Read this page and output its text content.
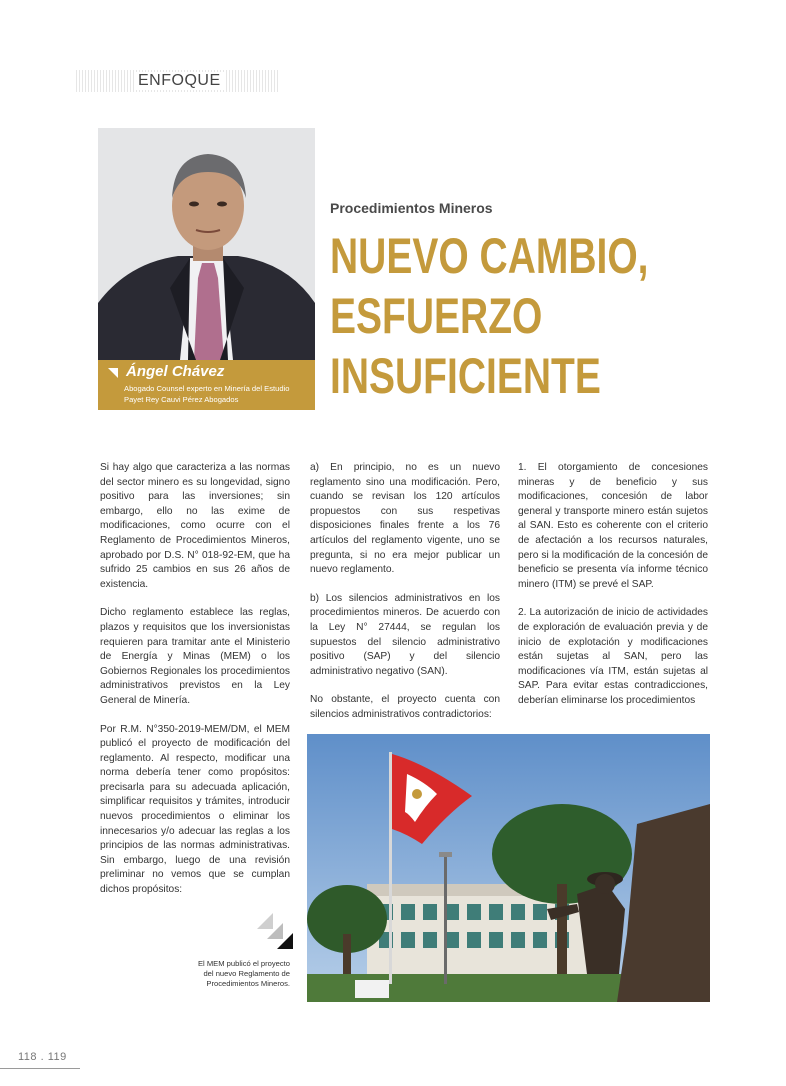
ENFOQUE
Ángel Chávez
Abogado Counsel experto en Minería del Estudio Payet Rey Cauvi Pérez Abogados
Procedimientos Mineros
NUEVO CAMBIO,
ESFUERZO
INSUFICIENTE

Si hay algo que caracteriza a las normas del sector minero es su longevidad, signo positivo para las inversiones; sin embargo, ello no las exime de modificaciones, como ocurre con el Reglamento de Procedimientos Mineros, aprobado por D.S. N° 018-92-EM, que ha sufrido 25 cambios en sus 26 años de existencia.

Dicho reglamento establece las reglas, plazos y requisitos que los inversionistas requieren para tramitar ante el Ministerio de Energía y Minas (MEM) o los Gobiernos Regionales los procedimientos administrativos previstos en la Ley General de Minería.

Por R.M. N°350-2019-MEM/DM, el MEM publicó el proyecto de modificación del reglamento. Al respecto, modificar una norma debería tener como propósitos: precisarla para su adecuada aplicación, simplificar requisitos y trámites, introducir nuevos procedimientos o eliminar los innecesarios y/o adecuar las reglas a los principios de las normas administrativas. Sin embargo, luego de una revisión preliminar no vemos que se cumplan dichos propósitos:

a) En principio, no es un nuevo reglamento sino una modificación. Pero, cuando se revisan los 120 artículos propuestos con sus respetivas disposiciones finales frente a los 76 artículos del reglamento vigente, uno se pregunta, si no era mejor publicar un nuevo reglamento.

b) Los silencios administrativos en los procedimientos mineros. De acuerdo con la Ley N° 27444, se regulan los supuestos del silencio administrativo positivo (SAP) y del silencio administrativo negativo (SAN).

No obstante, el proyecto cuenta con silencios administrativos contradictorios:

1. El otorgamiento de concesiones mineras y de beneficio y sus modificaciones, concesión de labor general y transporte minero están sujetos al SAN. Esto es coherente con el criterio de afectación a los recursos naturales, pero si la modificación de la concesión de beneficio se presenta vía informe técnico minero (ITM) se prevé el SAP.

2. La autorización de inicio de actividades de exploración de evaluación previa y de inicio de explotación y modificaciones están sujetas al SAN, pero las modificaciones vía ITM, están sujetas al SAP. Para evitar estas contradicciones, deberían eliminarse los procedimientos

El MEM publicó el proyecto del nuevo Reglamento de Procedimientos Mineros.
118 . 119
